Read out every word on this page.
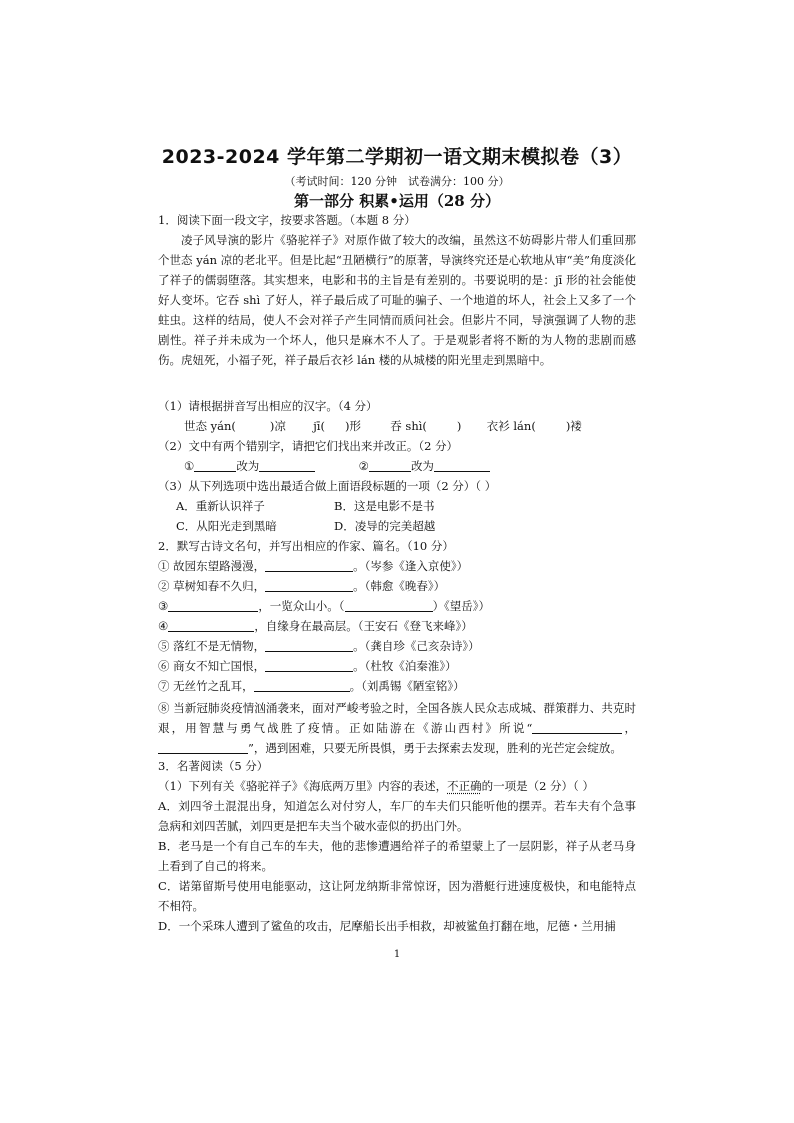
2023-2024 学年第二学期初一语文期末模拟卷（3）
（考试时间：120 分钟　试卷满分：100 分）
第一部分 积累•运用（28 分）
1．阅读下面一段文字，按要求答题。（本题 8 分）
凌子风导演的影片《骆驼祥子》对原作做了较大的改编，虽然这不妨碍影片带人们重回那个世态 yán 凉的老北平。但是比起“丑陋横行”的原著，导演终究还是心软地从审“美”角度淡化了祥子的儒弱堕落。其实想来，电影和书的主旨是有差别的。书要说明的是：jī 形的社会能使好人变坏。它吞 shì 了好人，祥子最后成了可耻的骗子、一个地道的坏人，社会上又多了一个蛀虫。这样的结局，使人不会对祥子产生同情而质问社会。但影片不同，导演强调了人物的悲剧性。祥子并未成为一个坏人，他只是麻木不人了。于是观影者将不断的为人物的悲剧而感伤。虎妞死，小福子死，祥子最后衣衫 lán 楼的从城楼的阳光里走到黑暗中。
（1）请根据拼音写出相应的汉字。（4 分）
世态 yán(	)凉 jī( )形	吞 shì(	) 衣衫 lán(	)褛
（2）文中有两个错别字，请把它们找出来并改正。（2 分）
①	改为	②	改为
（3）从下列选项中选出最适合做上面语段标题的一项（2 分）（ ）
A．重新认识祥子	B．这是电影不是书
C．从阳光走到黑暗	D．凌导的完美超越
2．默写古诗文名句，并写出相应的作家、篇名。（10 分）
① 故园东望路漫漫，	。（岑参《逢入京使》）
② 草树知春不久归，	。（韩愈《晚春》）
③	，一览众山小。（	）《望岳》）
④	，自缘身在最高层。（王安石《登飞来峰》）
⑤ 落红不是无情物，	。（龚自珍《己亥杂诗》）
⑥ 商女不知亡国恨，	。（杜牧《泊秦淮》）
⑦ 无丝竹之乱耳，	。（刘禹锡《陋室铭》）
⑧ 当新冠肺炎疫情汹涌袭来，面对严峻考验之时，全国各族人民众志成城、群策群力、共克时艰，用智慧与勇气战胜了疫情。正如陆游在《游山西村》所说“	，”，遇到困难，只要无所畏惧，勇于去探索去发现，胜利的光芒定会绽放。
3．名著阅读（5 分）
（1）下列有关《骆驼祥子》《海底两万里》内容的表述，不正确的一项是（2 分）（ ）
A．刘四爷土混混出身，知道怎么对付穷人，车厂的车夫们只能听他的摆弄。若车夫有个急事急病和刘四苦腻，刘四更是把车夫当个破水壶似的扔出门外。
B．老马是一个有自己车的车夫，他的悲惨遭遇给祥子的希望蒙上了一层阴影，祥子从老马身上看到了自己的将来。
C．诺第留斯号使用电能驱动，这让阿龙纳斯非常惊讶，因为潜艇行进速度极快，和电能特点不相符。
D．一个采珠人遭到了鲨鱼的攻击，尼摩船长出手相救，却被鲨鱼打翻在地，尼德・兰用捕
1
